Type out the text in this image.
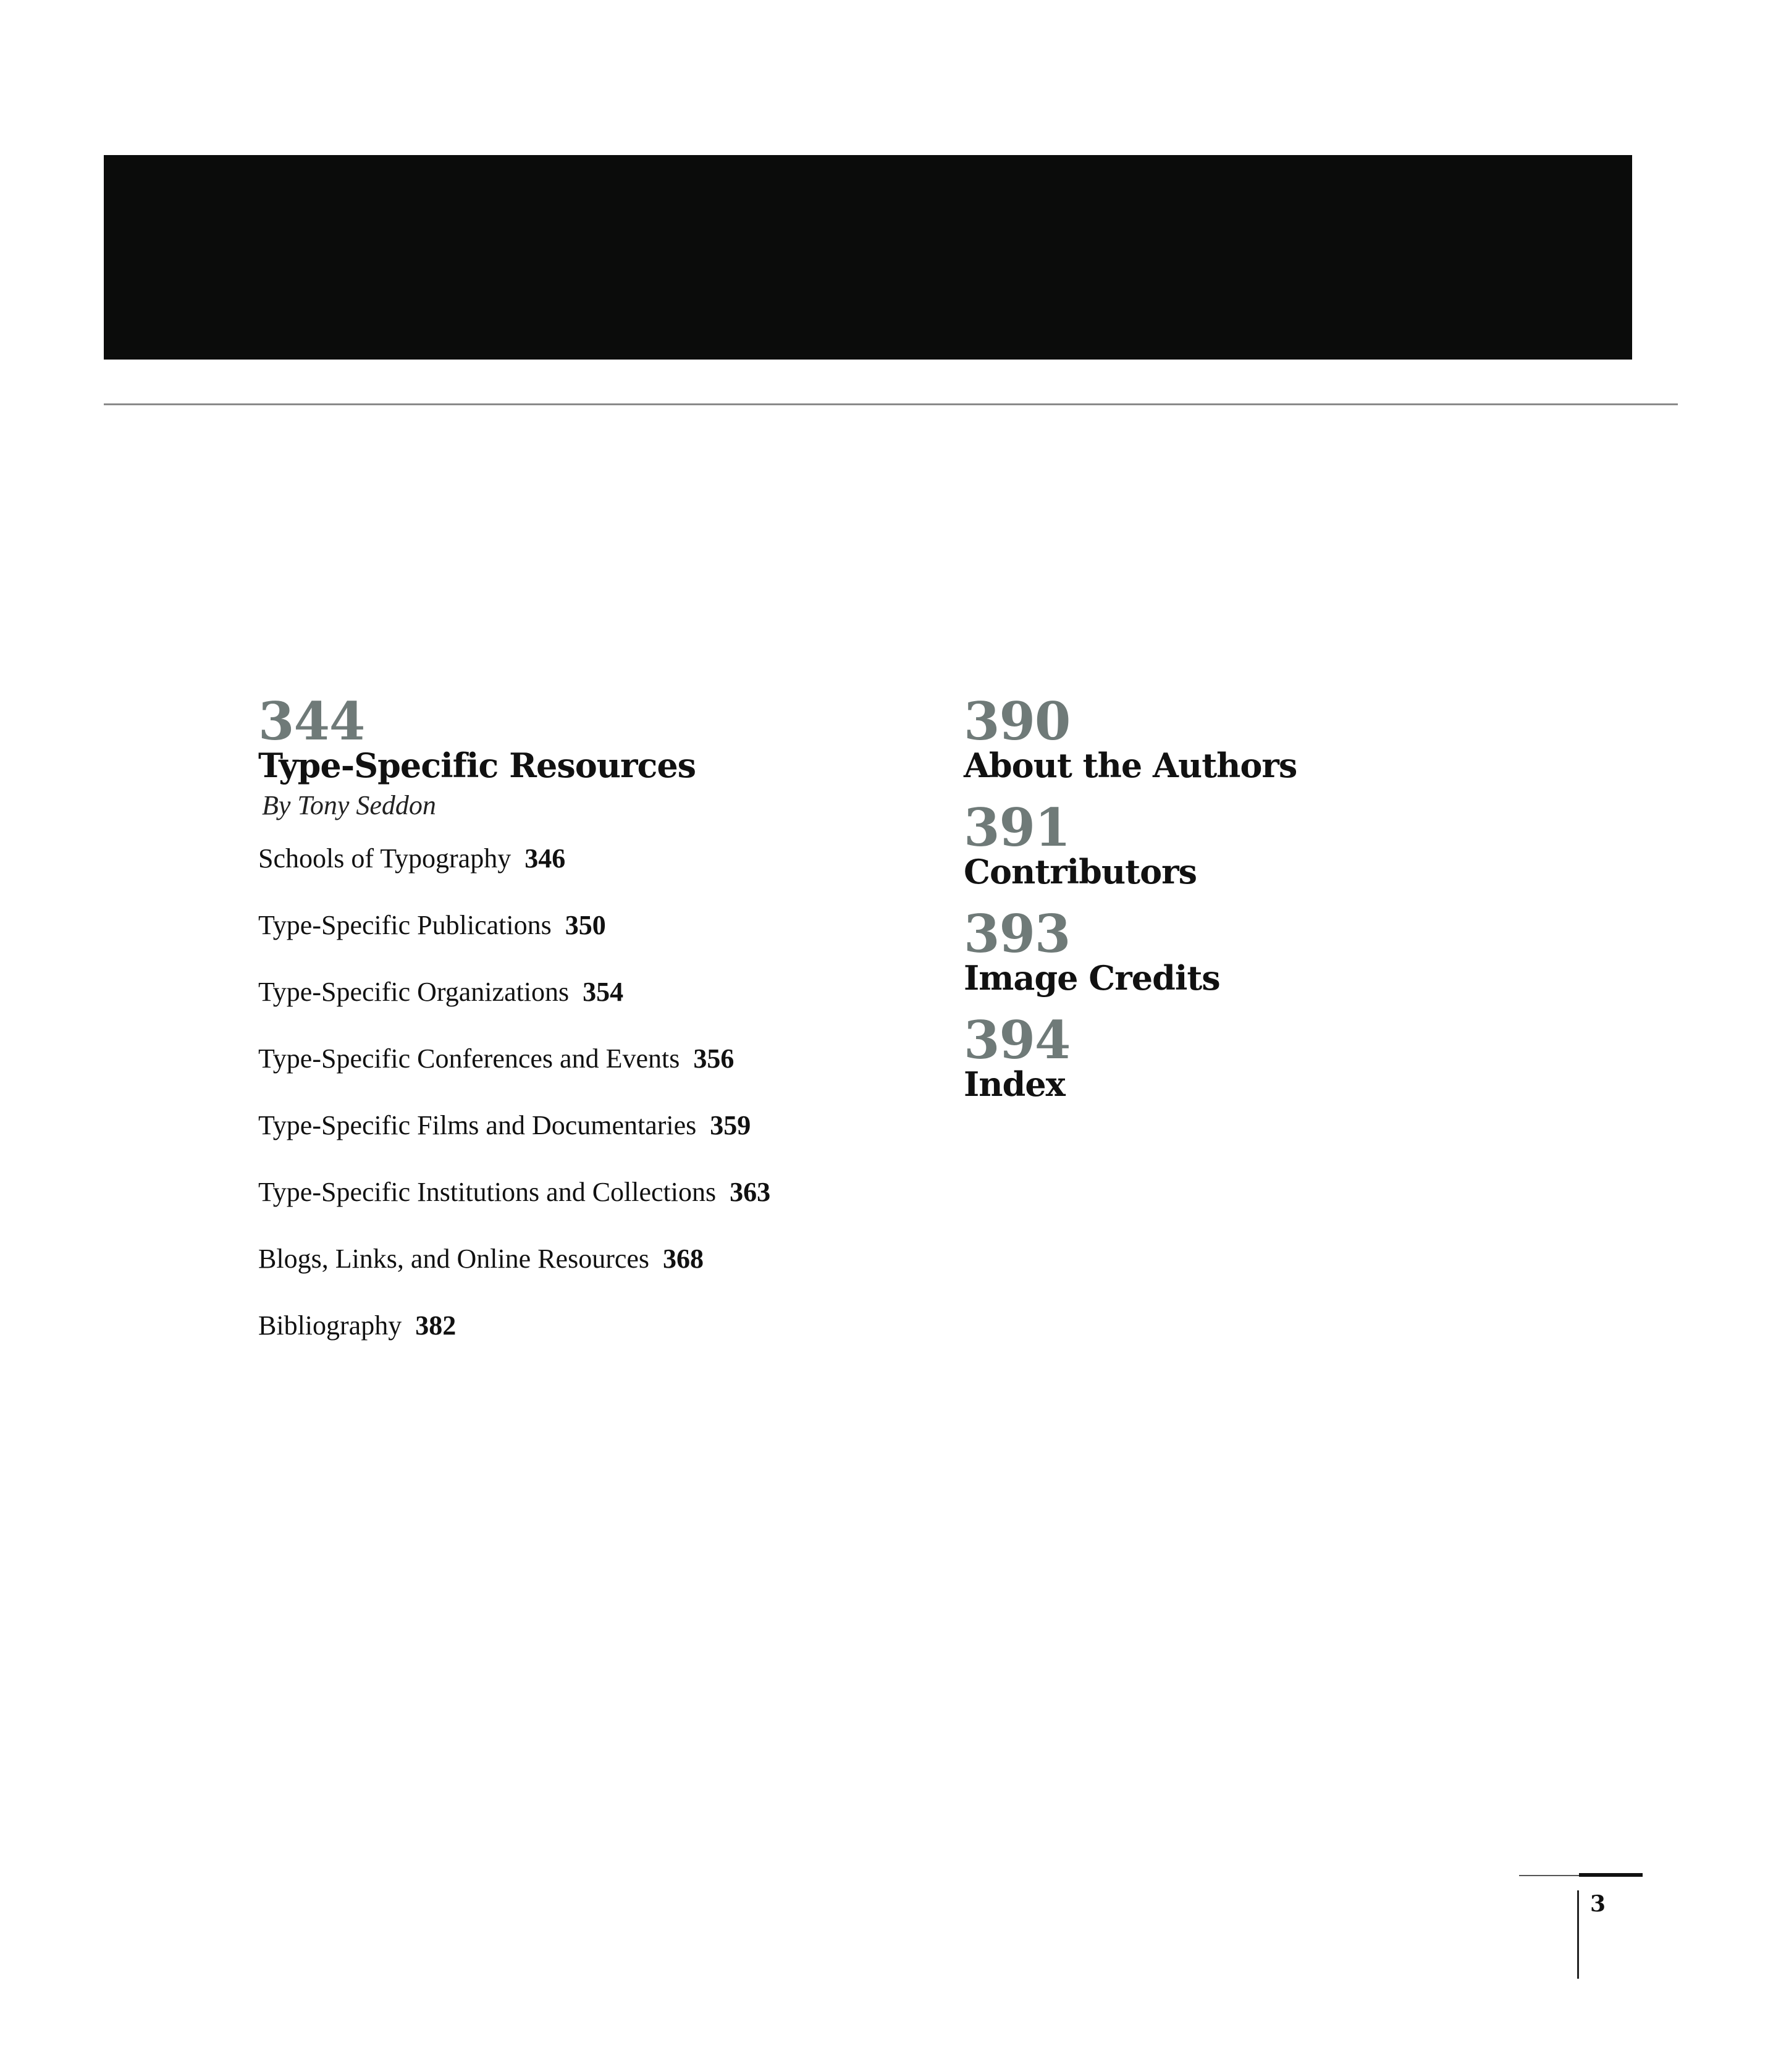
344
Type-Specific Resources
By Tony Seddon
Schools of Typography 346
Type-Specific Publications 350
Type-Specific Organizations 354
Type-Specific Conferences and Events 356
Type-Specific Films and Documentaries 359
Type-Specific Institutions and Collections 363
Blogs, Links, and Online Resources 368
Bibliography 382
390
About the Authors
391
Contributors
393
Image Credits
394
Index
3
